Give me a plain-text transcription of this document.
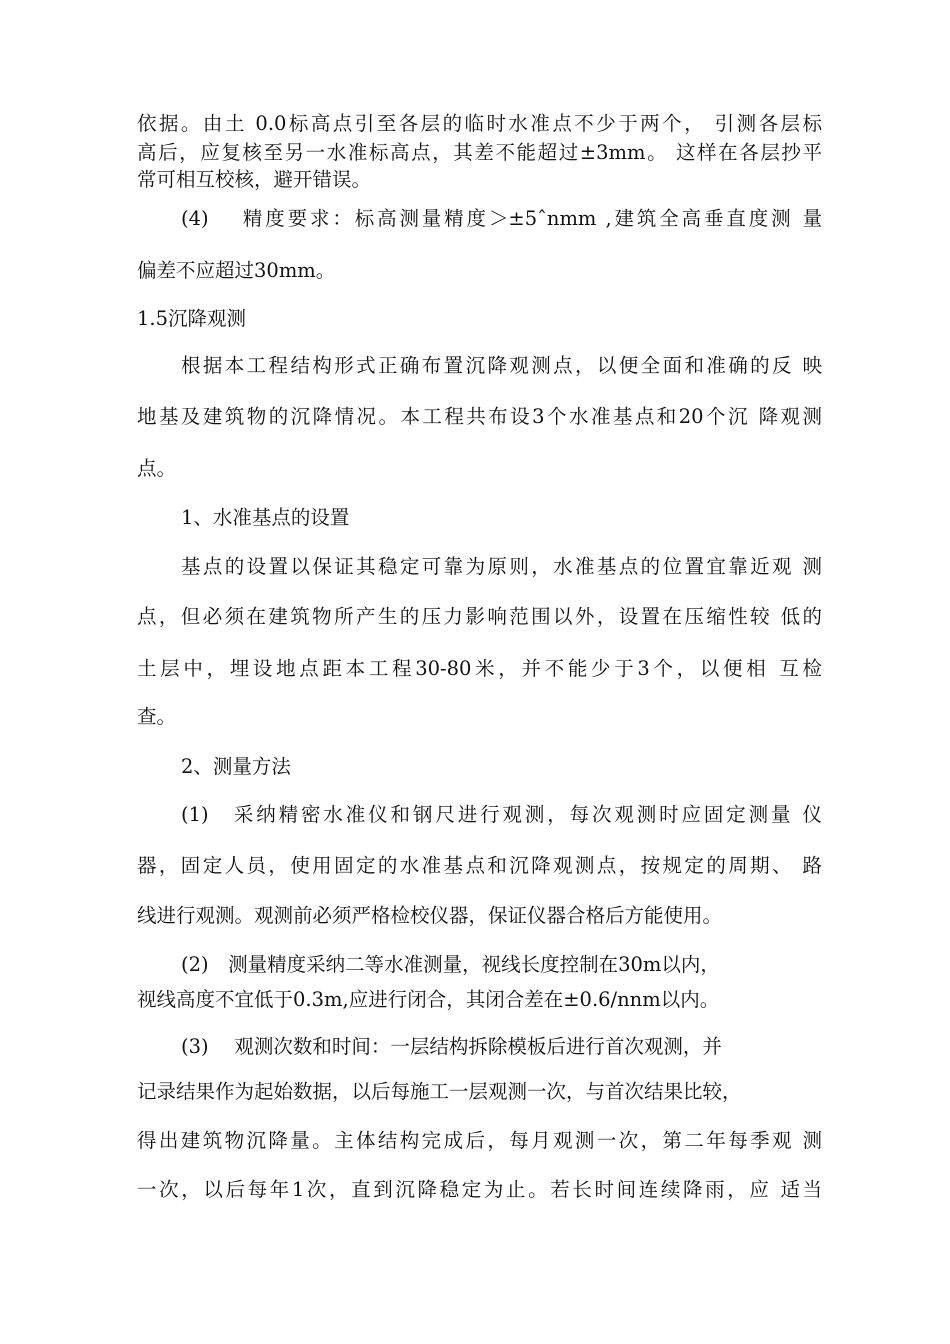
依据。由土 0.0标高点引至各层的临时水准点不少于两个， 引测各层标
高后，应复核至另一水准标高点，其差不能超过±3mm。 这样在各层抄平
常可相互校核，避开错误。
(4)　 精度要求：标高测量精度＞±5ˆnmm ,建筑全高垂直度测 量
偏差不应超过30mm。
1.5沉降观测
根据本工程结构形式正确布置沉降观测点，以便全面和准确的反 映
地基及建筑物的沉降情况。本工程共布设3个水准基点和20个沉 降观测
点。
1、水准基点的设置
基点的设置以保证其稳定可靠为原则，水准基点的位置宜靠近观 测
点，但必须在建筑物所产生的压力影响范围以外，设置在压缩性较 低的
土层中，埋设地点距本工程30-80米，并不能少于3个，以便相 互检
查。
2、测量方法
(1)　采纳精密水准仪和钢尺进行观测，每次观测时应固定测量 仪
器，固定人员，使用固定的水准基点和沉降观测点，按规定的周期、 路
线进行观测。观测前必须严格检校仪器，保证仪器合格后方能使用。
(2)　测量精度采纳二等水准测量，视线长度控制在30m以内，
视线高度不宜低于0.3m,应进行闭合，其闭合差在±0.6/nnm以内。
(3)　 观测次数和时间：一层结构拆除模板后进行首次观测，并
记录结果作为起始数据，以后每施工一层观测一次，与首次结果比较，
得出建筑物沉降量。主体结构完成后，每月观测一次，第二年每季观 测
一次，以后每年1次，直到沉降稳定为止。若长时间连续降雨，应 适当
